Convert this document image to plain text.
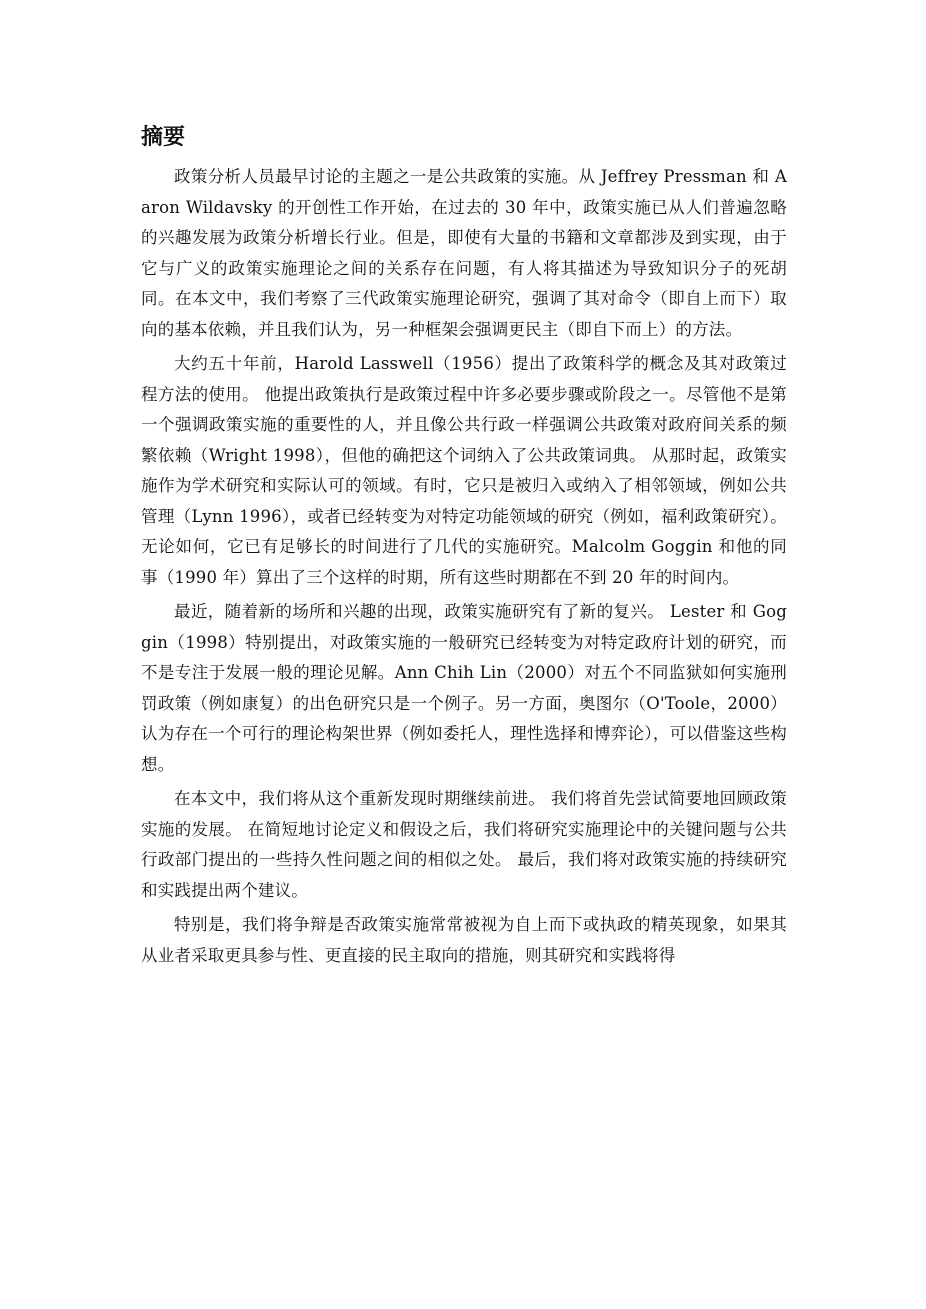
摘要

政策分析人员最早讨论的主题之一是公共政策的实施。从 Jeffrey Pressman 和 Aaron Wildavsky 的开创性工作开始，在过去的 30 年中，政策实施已从人们普遍忽略的兴趣发展为政策分析增长行业。但是，即使有大量的书籍和文章都涉及到实现，由于它与广义的政策实施理论之间的关系存在问题，有人将其描述为导致知识分子的死胡同。在本文中，我们考察了三代政策实施理论研究，强调了其对命令（即自上而下）取向的基本依赖，并且我们认为，另一种框架会强调更民主（即自下而上）的方法。

大约五十年前，Harold Lasswell（1956）提出了政策科学的概念及其对政策过程方法的使用。 他提出政策执行是政策过程中许多必要步骤或阶段之一。尽管他不是第一个强调政策实施的重要性的人，并且像公共行政一样强调公共政策对政府间关系的频繁依赖（Wright 1998），但他的确把这个词纳入了公共政策词典。 从那时起，政策实施作为学术研究和实际认可的领域。有时，它只是被归入或纳入了相邻领域，例如公共管理（Lynn 1996），或者已经转变为对特定功能领域的研究（例如，福利政策研究）。无论如何，它已有足够长的时间进行了几代的实施研究。Malcolm Goggin 和他的同事（1990 年）算出了三个这样的时期，所有这些时期都在不到 20 年的时间内。

最近，随着新的场所和兴趣的出现，政策实施研究有了新的复兴。 Lester 和 Goggin（1998）特别提出，对政策实施的一般研究已经转变为对特定政府计划的研究，而不是专注于发展一般的理论见解。Ann Chih Lin（2000）对五个不同监狱如何实施刑罚政策（例如康复）的出色研究只是一个例子。另一方面，奥图尔（O'Toole，2000）认为存在一个可行的理论构架世界（例如委托人，理性选择和博弈论），可以借鉴这些构想。

在本文中，我们将从这个重新发现时期继续前进。 我们将首先尝试简要地回顾政策实施的发展。 在简短地讨论定义和假设之后，我们将研究实施理论中的关键问题与公共行政部门提出的一些持久性问题之间的相似之处。 最后，我们将对政策实施的持续研究和实践提出两个建议。

特别是，我们将争辩是否政策实施常常被视为自上而下或执政的精英现象，如果其从业者采取更具参与性、更直接的民主取向的措施，则其研究和实践将得
